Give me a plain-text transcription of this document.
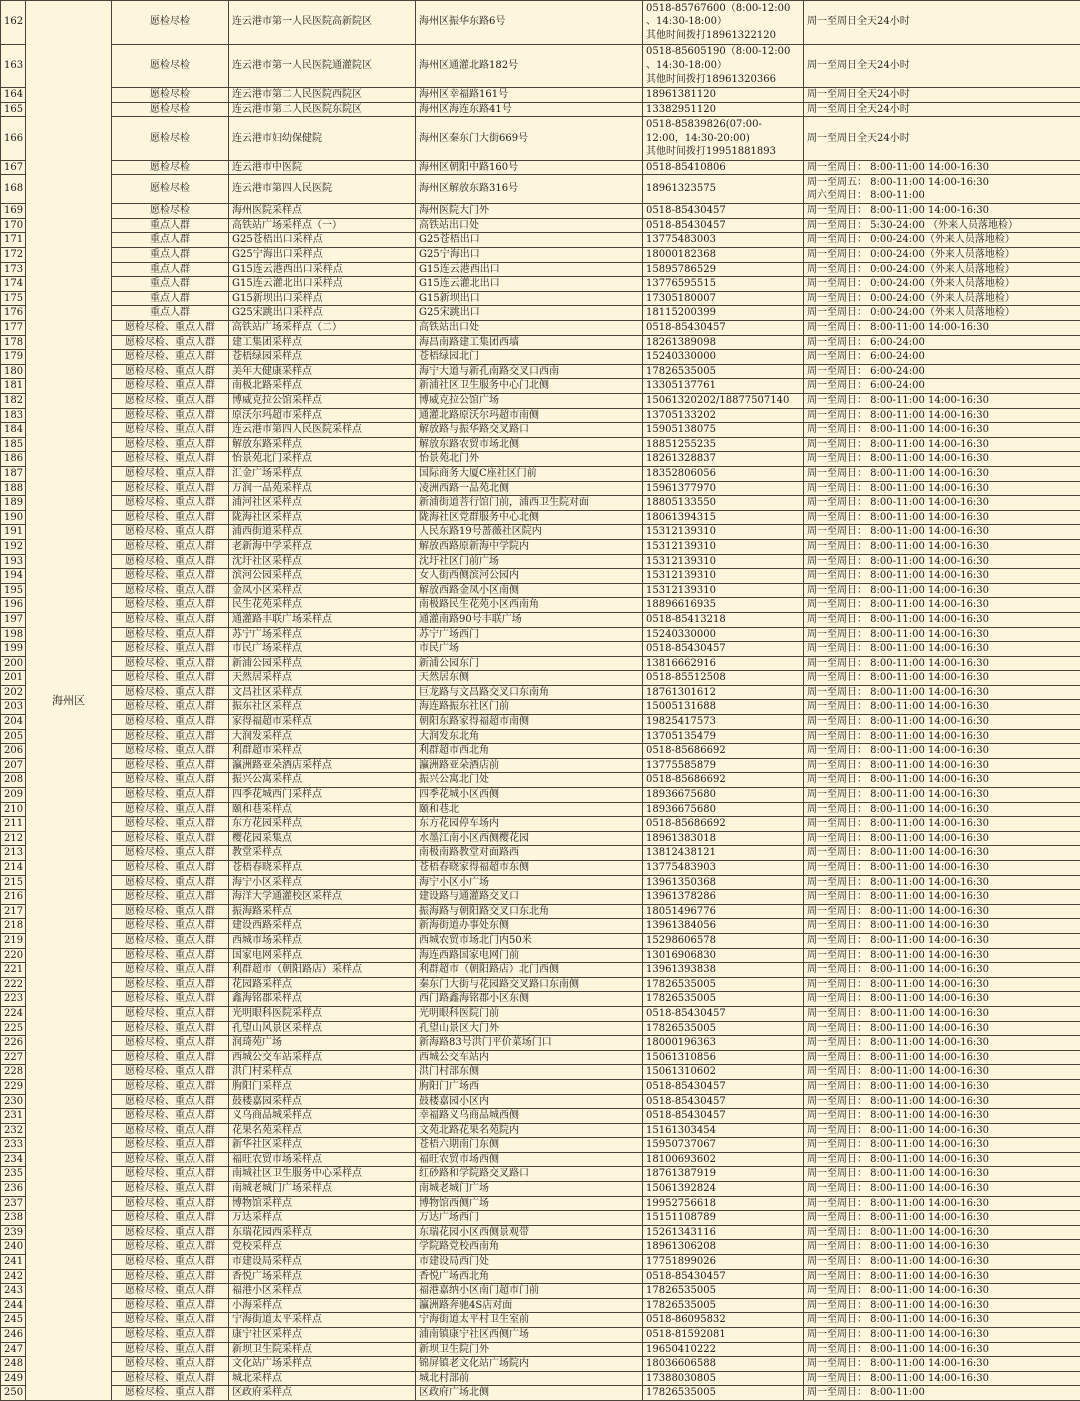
162	海州区	愿检尽检	连云港市第一人民医院高新院区	海州区振华东路6号	0518-85767600（8:00-12:00
、14:30-18:00）
其他时间拨打18961322120	周一至周日全天24小时
163		愿检尽检	连云港市第一人民医院通灌院区	海州区通灌北路182号	0518-85605190（8:00-12:00
、14:30-18:00）
其他时间拨打18961320366	周一至周日全天24小时
164		愿检尽检	连云港市第二人民医院西院区	海州区幸福路161号	18961381120	周一至周日全天24小时
165		愿检尽检	连云港市第二人民医院东院区	海州区海连东路41号	13382951120	周一至周日全天24小时
166		愿检尽检	连云港市妇幼保健院	海州区秦东门大街669号	0518-85839826(07:00-
12:00，14:30-20:00)
其他时间拨打19951881893	周一至周日全天24小时
167		愿检尽检	连云港市中医院	海州区朝阳中路160号	0518-85410806	周一至周日： 8:00-11:00 14:00-16:30
168		愿检尽检	连云港市第四人民医院	海州区解放东路316号	18961323575	周一至周五： 8:00-11:00 14:00-16:30
周六至周日： 8:00-11:00
169		愿检尽检	海州医院采样点	海州医院大门外	0518-85430457	周一至周日： 8:00-11:00 14:00-16:30
170		重点人群	高铁站广场采样点（一）	高铁站出口处	0518-85430457	周一至周日： 5:30-24:00 （外来人员落地检）
171		重点人群	G25苍梧出口采样点	G25苍梧出口	13775483003	周一至周日： 0:00-24:00（外来人员落地检）
172		重点人群	G25宁海出口采样点	G25宁海出口	18000182368	周一至周日： 0:00-24:00（外来人员落地检）
173		重点人群	G15连云港西出口采样点	G15连云港西出口	15895786529	周一至周日： 0:00-24:00（外来人员落地检）
174		重点人群	G15连云灌北出口采样点	G15连云灌北出口	13776595515	周一至周日： 0:00-24:00（外来人员落地检）
175		重点人群	G15新坝出口采样点	G15新坝出口	17305180007	周一至周日： 0:00-24:00（外来人员落地检）
176		重点人群	G25宋跳出口采样点	G25宋跳出口	18115200399	周一至周日： 0:00-24:00（外来人员落地检）
177		愿检尽检、重点人群	高铁站广场采样点（二）	高铁站出口处	0518-85430457	周一至周日： 8:00-11:00 14:00-16:30
178		愿检尽检、重点人群	建工集团采样点	海昌南路建工集团西墙	18261389098	周一至周日： 6:00-24:00
179		愿检尽检、重点人群	苍梧绿园采样点	苍梧绿园北门	15240330000	周一至周日： 6:00-24:00
180		愿检尽检、重点人群	美年大健康采样点	海宁大道与新孔南路交叉口西南	17826535005	周一至周日： 6:00-24:00
181		愿检尽检、重点人群	南极北路采样点	新浦社区卫生服务中心门北侧	13305137761	周一至周日： 6:00-24:00
182		愿检尽检、重点人群	博威克拉公馆采样点	博威克拉公馆广场	15061320202/18877507140	周一至周日： 8:00-11:00 14:00-16:30
183		愿检尽检、重点人群	原沃尔玛超市采样点	通灌北路原沃尔玛超市南侧	13705133202	周一至周日： 8:00-11:00 14:00-16:30
184		愿检尽检、重点人群	连云港市第四人民医院采样点	解放路与振华路交叉路口	15905138075	周一至周日： 8:00-11:00 14:00-16:30
185		愿检尽检、重点人群	解放东路采样点	解放东路农贸市场北侧	18851255235	周一至周日： 8:00-11:00 14:00-16:30
186		愿检尽检、重点人群	怡景苑北门采样点	怡景苑北门外	18261328837	周一至周日： 8:00-11:00 14:00-16:30
187		愿检尽检、重点人群	汇金广场采样点	国际商务大厦C座社区门前	18352806056	周一至周日： 8:00-11:00 14:00-16:30
188		愿检尽检、重点人群	万润一品苑采样点	凌洲西路一品苑北侧	15961377970	周一至周日： 8:00-11:00 14:00-16:30
189		愿检尽检、重点人群	浦河社区采样点	新浦街道菩行馆门前，浦西卫生院对面	18805133550	周一至周日： 8:00-11:00 14:00-16:30
190		愿检尽检、重点人群	陇海社区采样点	陇海社区党群服务中心北侧	18061394315	周一至周日： 8:00-11:00 14:00-16:30
191		愿检尽检、重点人群	浦西街道采样点	人民东路19号蔷薇社区院内	15312139310	周一至周日： 8:00-11:00 14:00-16:30
192		愿检尽检、重点人群	老新海中学采样点	解放西路原新海中学院内	15312139310	周一至周日： 8:00-11:00 14:00-16:30
193		愿检尽检、重点人群	沈圩社区采样点	沈圩社区门前广场	15312139310	周一至周日： 8:00-11:00 14:00-16:30
194		愿检尽检、重点人群	滨河公园采样点	女人街西侧滨河公园内	15312139310	周一至周日： 8:00-11:00 14:00-16:30
195		愿检尽检、重点人群	金凤小区采样点	解放西路金凤小区南侧	15312139310	周一至周日： 8:00-11:00 14:00-16:30
196		愿检尽检、重点人群	民生花苑采样点	南极路民生花苑小区西南角	18896616935	周一至周日： 8:00-11:00 14:00-16:30
197		愿检尽检、重点人群	通灌路丰联广场采样点	通灌南路90号丰联广场	0518-85413218	周一至周日： 8:00-11:00 14:00-16:30
198		愿检尽检、重点人群	苏宁广场采样点	苏宁广场西门	15240330000	周一至周日： 8:00-11:00 14:00-16:30
199		愿检尽检、重点人群	市民广场采样点	市民广场	0518-85430457	周一至周日： 8:00-11:00 14:00-16:30
200		愿检尽检、重点人群	新浦公园采样点	新浦公园东门	13816662916	周一至周日： 8:00-11:00 14:00-16:30
201		愿检尽检、重点人群	天然居采样点	天然居东侧	0518-85512508	周一至周日： 8:00-11:00 14:00-16:30
202		愿检尽检、重点人群	文昌社区采样点	巨龙路与文昌路交叉口东南角	18761301612	周一至周日： 8:00-11:00 14:00-16:30
203		愿检尽检、重点人群	振东社区采样点	海连路振东社区门前	15005131688	周一至周日： 8:00-11:00 14:00-16:30
204		愿检尽检、重点人群	家得福超市采样点	朝阳东路家得福超市南侧	19825417573	周一至周日： 8:00-11:00 14:00-16:30
205		愿检尽检、重点人群	大润发采样点	大润发东北角	13705135479	周一至周日： 8:00-11:00 14:00-16:30
206		愿检尽检、重点人群	利群超市采样点	利群超市西北角	0518-85686692	周一至周日： 8:00-11:00 14:00-16:30
207		愿检尽检、重点人群	瀛洲路亚朵酒店采样点	瀛洲路亚朵酒店前	13775585879	周一至周日： 8:00-11:00 14:00-16:30
208		愿检尽检、重点人群	振兴公寓采样点	振兴公寓北门处	0518-85686692	周一至周日： 8:00-11:00 14:00-16:30
209		愿检尽检、重点人群	四季花城西门采样点	四季花城小区西侧	18936675680	周一至周日： 8:00-11:00 14:00-16:30
210		愿检尽检、重点人群	颐和巷采样点	颐和巷北	18936675680	周一至周日： 8:00-11:00 14:00-16:30
211		愿检尽检、重点人群	东方花园采样点	东方花园停车场内	0518-85686692	周一至周日： 8:00-11:00 14:00-16:30
212		愿检尽检、重点人群	樱花园采集点	水墨江南小区西侧樱花园	18961383018	周一至周日： 8:00-11:00 14:00-16:30
213		愿检尽检、重点人群	教堂采样点	南极南路教堂对面路西	13812438121	周一至周日： 8:00-11:00 14:00-16:30
214		愿检尽检、重点人群	苍梧春晓采样点	苍梧春晓家得福超市东侧	13775483903	周一至周日： 8:00-11:00 14:00-16:30
215		愿检尽检、重点人群	海宁小区采样点	海宁小区小广场	13961350368	周一至周日： 8:00-11:00 14:00-16:30
216		愿检尽检、重点人群	海洋大学通灌校区采样点	建设路与通灌路交叉口	13961378286	周一至周日： 8:00-11:00 14:00-16:30
217		愿检尽检、重点人群	振海路采样点	振海路与朝阳路交叉口东北角	18051496776	周一至周日： 8:00-11:00 14:00-16:30
218		愿检尽检、重点人群	建设西路采样点	新海街道办事处东侧	13961384056	周一至周日： 8:00-11:00 14:00-16:30
219		愿检尽检、重点人群	西城市场采样点	西城农贸市场北门内50米	15298606578	周一至周日： 8:00-11:00 14:00-16:30
220		愿检尽检、重点人群	国家电网采样点	海连西路国家电网门前	13016906830	周一至周日： 8:00-11:00 14:00-16:30
221		愿检尽检、重点人群	利群超市（朝阳路店）采样点	利群超市（朝阳路店）北门西侧	13961393838	周一至周日： 8:00-11:00 14:00-16:30
222		愿检尽检、重点人群	花园路采样点	秦东门大街与花园路交叉路口东南侧	17826535005	周一至周日： 8:00-11:00 14:00-16:30
223		愿检尽检、重点人群	鑫海铭郡采样点	西门路鑫海铭郡小区东侧	17826535005	周一至周日： 8:00-11:00 14:00-16:30
224		愿检尽检、重点人群	光明眼科医院采样点	光明眼科医院门前	0518-85430457	周一至周日： 8:00-11:00 14:00-16:30
225		愿检尽检、重点人群	孔望山风景区采样点	孔望山景区大门外	17826535005	周一至周日： 8:00-11:00 14:00-16:30
226		愿检尽检、重点人群	润琦苑广场	新海路83号洪门平价菜场门口	18000196363	周一至周日： 8:00-11:00 14:00-16:30
227		愿检尽检、重点人群	西城公交车站采样点	西城公交车站内	15061310856	周一至周日： 8:00-11:00 14:00-16:30
228		愿检尽检、重点人群	洪门村采样点	洪门村部东侧	15061310602	周一至周日： 8:00-11:00 14:00-16:30
229		愿检尽检、重点人群	朐阳门采样点	朐阳门广场西	0518-85430457	周一至周日： 8:00-11:00 14:00-16:30
230		愿检尽检、重点人群	鼓楼嘉园采样点	鼓楼嘉园小区内	0518-85430457	周一至周日： 8:00-11:00 14:00-16:30
231		愿检尽检、重点人群	义乌商品城采样点	幸福路义乌商品城西侧	0518-85430457	周一至周日： 8:00-11:00 14:00-16:30
232		愿检尽检、重点人群	花果名苑采样点	文苑北路花果名苑院内	15161303454	周一至周日： 8:00-11:00 14:00-16:30
233		愿检尽检、重点人群	新华社区采样点	苍梧六期南门东侧	15950737067	周一至周日： 8:00-11:00 14:00-16:30
234		愿检尽检、重点人群	福旺农贸市场采样点	福旺农贸市场西侧	18100693602	周一至周日： 8:00-11:00 14:00-16:30
235		愿检尽检、重点人群	南城社区卫生服务中心采样点	红砂路和学院路交叉路口	18761387919	周一至周日： 8:00-11:00 14:00-16:30
236		愿检尽检、重点人群	南城老城门广场采样点	南城老城门广场	15061392824	周一至周日： 8:00-11:00 14:00-16:30
237		愿检尽检、重点人群	博物馆采样点	博物馆西侧广场	19952756618	周一至周日： 8:00-11:00 14:00-16:30
238		愿检尽检、重点人群	万达采样点	万达广场西门	15151108789	周一至周日： 8:00-11:00 14:00-16:30
239		愿检尽检、重点人群	东瑞花园西采样点	东瑞花园小区西侧景观带	15261343116	周一至周日： 8:00-11:00 14:00-16:30
240		愿检尽检、重点人群	党校采样点	学院路党校西南角	18961306208	周一至周日： 8:00-11:00 14:00-16:30
241		愿检尽检、重点人群	市建设局采样点	市建设局西门处	17751899026	周一至周日： 8:00-11:00 14:00-16:30
242		愿检尽检、重点人群	香悦广场采样点	香悦广场西北角	0518-85430457	周一至周日： 8:00-11:00 14:00-16:30
243		愿检尽检、重点人群	福港小区采样点	福港嘉纳小区南门超市门前	17826535005	周一至周日： 8:00-11:00 14:00-16:30
244		愿检尽检、重点人群	小海采样点	瀛洲路奔驰4S店对面	17826535005	周一至周日： 8:00-11:00 14:00-16:30
245		愿检尽检、重点人群	宁海街道太平采样点	宁海街道太平村卫生室前	0518-86095832	周一至周日： 8:00-11:00 14:00-16:30
246		愿检尽检、重点人群	康宁社区采样点	浦南镇康宁社区西侧广场	0518-81592081	周一至周日： 8:00-11:00 14:00-16:30
247		愿检尽检、重点人群	新坝卫生院采样点	新坝卫生院门外	19650410222	周一至周日： 8:00-11:00 14:00-16:30
248		愿检尽检、重点人群	文化站广场采样点	锦屏镇老文化站广场院内	18036606588	周一至周日： 8:00-11:00 14:00-16:30
249		愿检尽检、重点人群	城北采样点	城北村部前	17388030805	周一至周日： 8:00-11:00 14:00-16:30
250		愿检尽检、重点人群	区政府采样点	区政府广场北侧	17826535005	周一至周日： 8:00-11:00
